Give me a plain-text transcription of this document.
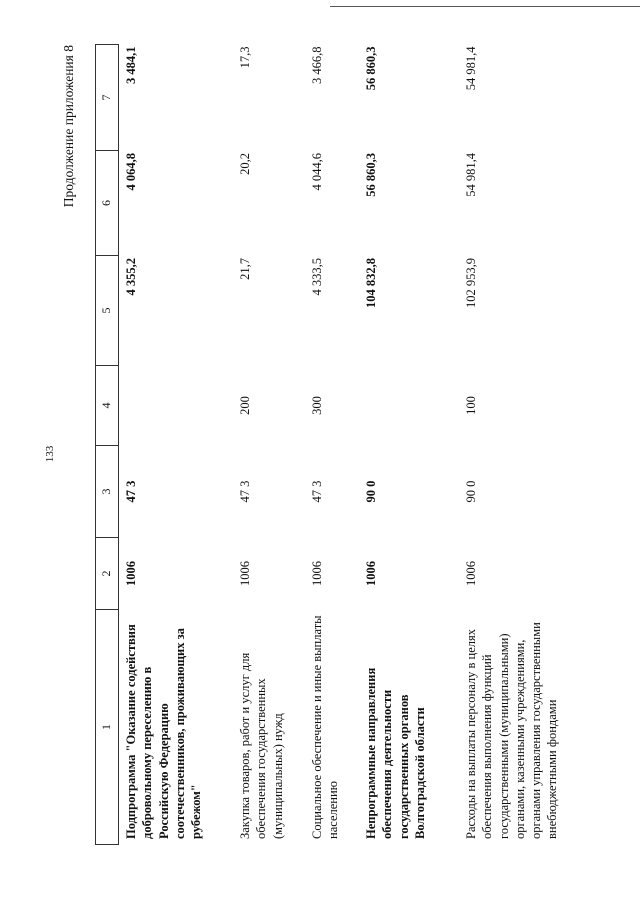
133
Продолжение приложения 8
1	2	3	4	5	6	7
Подпрограмма "Оказание содействия добровольному переселению в Российскую Федерацию соотечественников, проживающих за рубежом"	1006	47 3		4 355,2	4 064,8	3 484,1
Закупка товаров, работ и услуг для обеспечения государственных (муниципальных) нужд	1006	47 3	200	21,7	20,2	17,3
Социальное обеспечение и иные выплаты населению	1006	47 3	300	4 333,5	4 044,6	3 466,8
Непрограммные направления обеспечения деятельности государственных органов Волгоградской области	1006	90 0		104 832,8	56 860,3	56 860,3
Расходы на выплаты персоналу в целях обеспечения выполнения функций государственными (муниципальными) органами, казенными учреждениями, органами управления государственными внебюджетными фондами	1006	90 0	100	102 953,9	54 981,4	54 981,4
